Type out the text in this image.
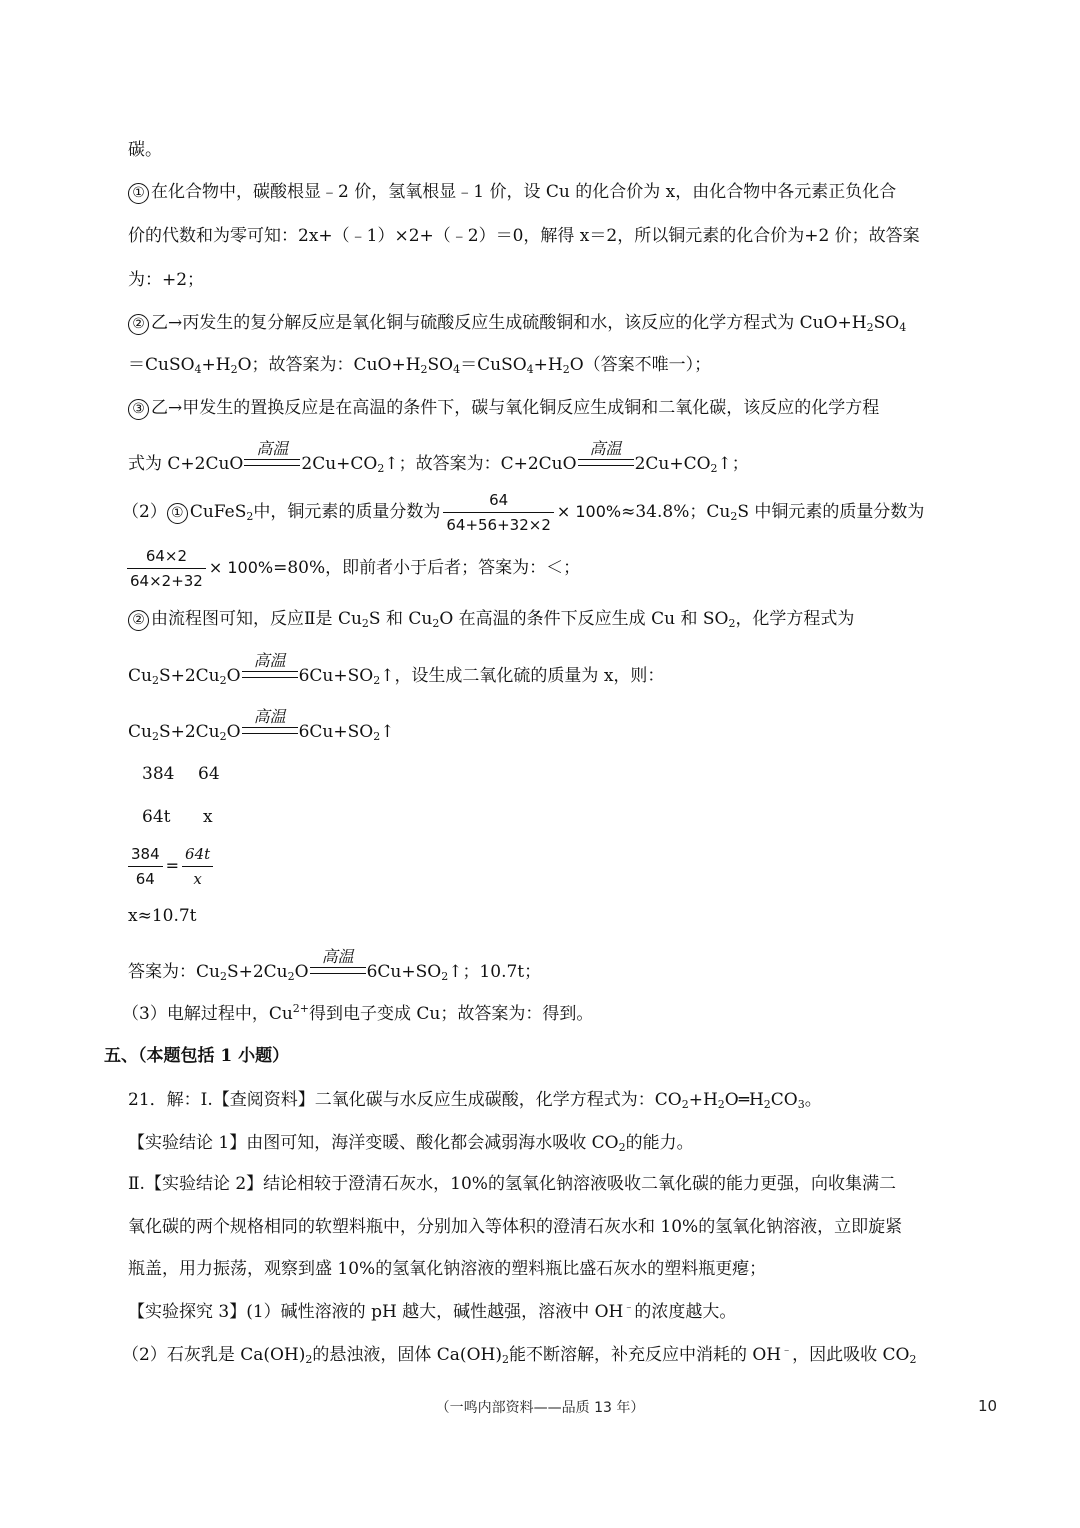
碳。
① 在化合物中，碳酸根显﹣2 价，氢氧根显﹣1 价，设 Cu 的化合价为 x，由化合物中各元素正负化合
价的代数和为零可知：2x+（﹣1）×2+（﹣2）＝0，解得 x＝2，所以铜元素的化合价为+2 价；故答案
为：+2；
② 乙→丙发生的复分解反应是氧化铜与硫酸反应生成硫酸铜和水，该反应的化学方程式为 $CuO+H_2SO_4$
$=CuSO_4+H_2O$；故答案为：$CuO+H_2SO_4=CuSO_4+H_2O$（答案不唯一）；
③ 乙→甲发生的置换反应是在高温的条件下，碳与氧化铜反应生成铜和二氧化碳，该反应的化学方程
式为 C+2CuO
高温
$2Cu+CO_2↑$；故答案为：C+2CuO
高温
$2Cu+CO_2↑$；
（2） ① CuFeS$_2$中，铜元素的质量分数为 $\frac{64}{64+56+32\times 2} \times 100\%\approx 34.8\%$；$Cu_2S$ 中铜元素的质量分数为
$\frac{64\times 2}{64\times 2+32} \times 100\%=80\%$，即前者小于后者；答案为：＜；
② 由流程图可知，反应Ⅱ是 $Cu_2S$ 和 $Cu_2O$ 在高温的条件下反应生成 Cu 和 $SO_2$，化学方程式为
$Cu_2S+2Cu_2O$
高温
$6Cu+SO_2↑$，设生成二氧化硫的质量为 x，则：
$Cu_2S+2Cu_2O$
高温
$6Cu+SO_2↑$
384 64
64t x
$\frac{384}{64} = \frac{64t}{x}$
x≈10.7t
答案为：$Cu_2S+2Cu_2O$
高温
$6Cu+SO_2↑$；10.7t；
（3）电解过程中，$Cu^{2+}$得到电子变成 Cu；故答案为：得到。
五、（本题包括 1 小题）
21．解：Ⅰ.【查阅资料】二氧化碳与水反应生成碳酸，化学方程式为：$CO_2+H_2O═H_2CO_3$。
【实验结论 1】由图可知，海洋变暖、酸化都会减弱海水吸收 $CO_2$的能力。
Ⅱ.【实验结论 2】结论相较于澄清石灰水，10%的氢氧化钠溶液吸收二氧化碳的能力更强，向收集满二
氧化碳的两个规格相同的软塑料瓶中，分别加入等体积的澄清石灰水和 10%的氢氧化钠溶液，立即旋紧
瓶盖，用力振荡，观察到盛 10%的氢氧化钠溶液的塑料瓶比盛石灰水的塑料瓶更瘪；
【实验探究 3】(1）碱性溶液的 pH 越大，碱性越强，溶液中 OH﹣的浓度越大。
（2）石灰乳是 $Ca(OH)_2$的悬浊液，固体 $Ca(OH)_2$能不断溶解，补充反应中消耗的 OH﹣，因此吸收 $CO_2$
（一鸣内部资料——品质 13 年）	10
